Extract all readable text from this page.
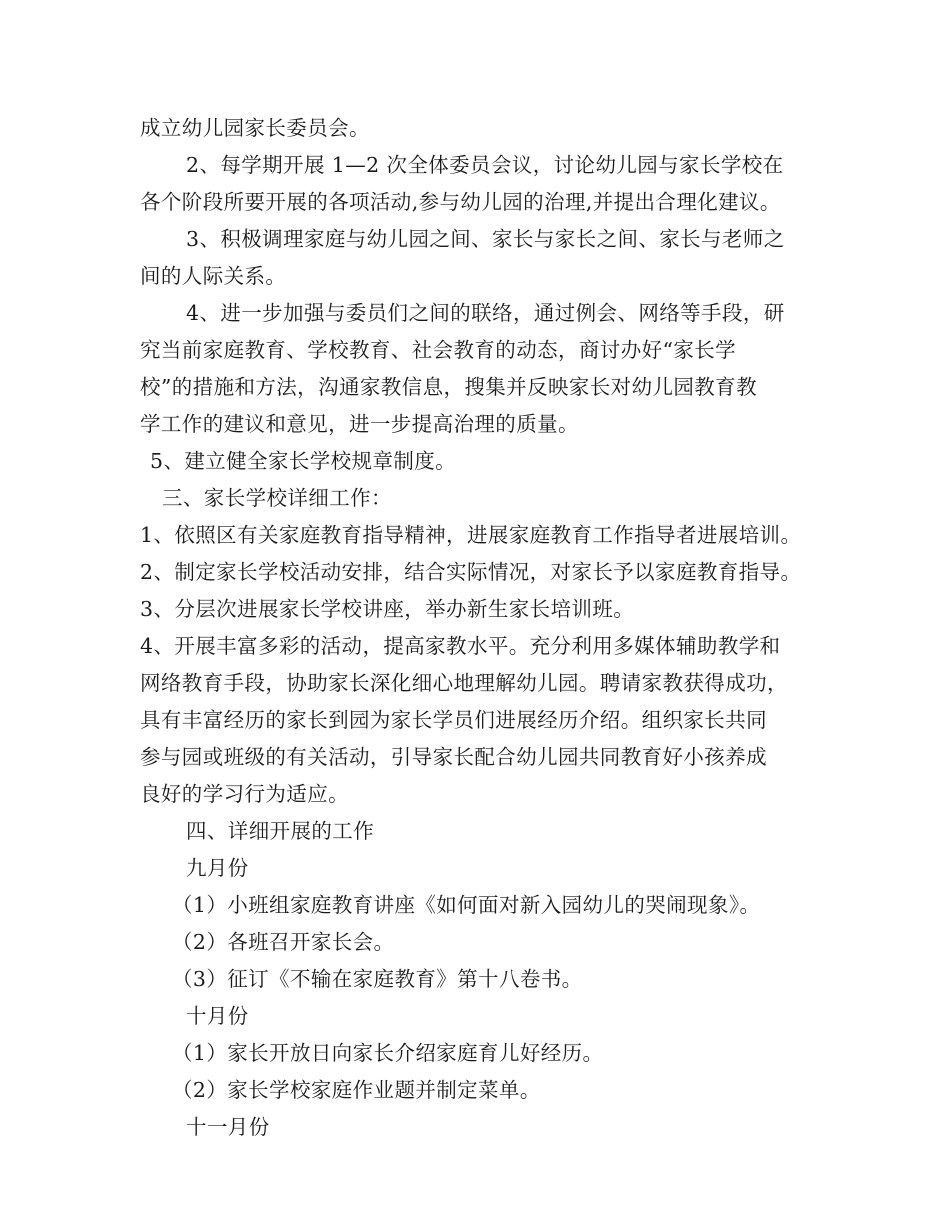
成立幼儿园家长委员会。
2、每学期开展 1—2 次全体委员会议，讨论幼儿园与家长学校在
各个阶段所要开展的各项活动,参与幼儿园的治理,并提出合理化建议。
3、积极调理家庭与幼儿园之间、家长与家长之间、家长与老师之
间的人际关系。
4、进一步加强与委员们之间的联络，通过例会、网络等手段，研
究当前家庭教育、学校教育、社会教育的动态，商讨办好“家长学
校”的措施和方法，沟通家教信息，搜集并反映家长对幼儿园教育教
学工作的建议和意见，进一步提高治理的质量。
5、建立健全家长学校规章制度。
三、家长学校详细工作：
1、依照区有关家庭教育指导精神，进展家庭教育工作指导者进展培训。
2、制定家长学校活动安排，结合实际情况，对家长予以家庭教育指导。
3、分层次进展家长学校讲座，举办新生家长培训班。
4、开展丰富多彩的活动，提高家教水平。充分利用多媒体辅助教学和
网络教育手段，协助家长深化细心地理解幼儿园。聘请家教获得成功，
具有丰富经历的家长到园为家长学员们进展经历介绍。组织家长共同
参与园或班级的有关活动，引导家长配合幼儿园共同教育好小孩养成
良好的学习行为适应。
四、详细开展的工作
九月份
（1）小班组家庭教育讲座《如何面对新入园幼儿的哭闹现象》。
（2）各班召开家长会。
（3）征订《不输在家庭教育》第十八卷书。
十月份
（1）家长开放日向家长介绍家庭育儿好经历。
（2）家长学校家庭作业题并制定菜单。
十一月份
